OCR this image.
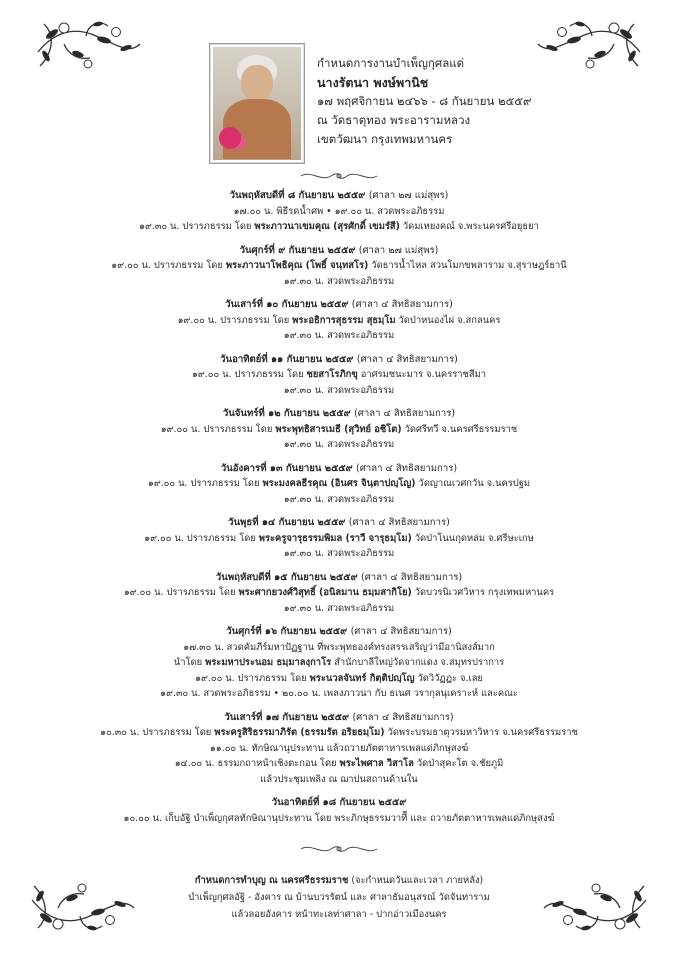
กำหนดการงานบำเพ็ญกุศลแด่
นางรัตนา พงษ์พานิช
๑๗ พฤศจิกายน ๒๔๖๖ - ๘ กันยายน ๒๕๕๙
ณ วัดธาตุทอง พระอารามหลวง
เขตวัฒนา กรุงเทพมหานคร
วันพฤหัสบดีที่ ๘ กันยายน ๒๕๕๙ (ศาลา ๒๗ แม่สุพร)
๑๗.๐๐ น. พิธีรดน้ำศพ • ๑๙.๐๐ น. สวดพระอภิธรรม
๑๙.๓๐ น. ปรารภธรรม โดย พระภาวนาเขมคุณ (สุรศักดิ์ เขมรํสี) วัดมเหยงคณ์ จ.พระนครศรีอยุธยา
วันศุกร์ที่ ๙ กันยายน ๒๕๕๙ (ศาลา ๒๗ แม่สุพร)
๑๙.๐๐ น. ปรารภธรรม โดย พระภาวนาโพธิคุณ (โพธิ์ จนฺทสโร) วัดธารน้ำไหล สวนโมกขพลาราม จ.สุราษฎร์ธานี
๑๙.๓๐ น. สวดพระอภิธรรม
วันเสาร์ที่ ๑๐ กันยายน ๒๕๕๙ (ศาลา ๔ สิทธิสยามการ)
๑๙.๐๐ น. ปรารภธรรม โดย พระอธิการสุธรรม สุธมฺโม วัดป่าหนองไผ่ จ.สกลนคร
๑๙.๓๐ น. สวดพระอภิธรรม
วันอาทิตย์ที่ ๑๑ กันยายน ๒๕๕๙ (ศาลา ๔ สิทธิสยามการ)
๑๙.๐๐ น. ปรารภธรรม โดย ชยสาโรภิกขุ อาศรมชนะมาร จ.นครราชสีมา
๑๙.๓๐ น. สวดพระอภิธรรม
วันจันทร์ที่ ๑๒ กันยายน ๒๕๕๙ (ศาลา ๔ สิทธิสยามการ)
๑๙.๐๐ น. ปรารภธรรม โดย พระพุทธิสารเมธี (สุวิทย์ อชิโต) วัดศรีทวี จ.นครศรีธรรมราช
๑๙.๓๐ น. สวดพระอภิธรรม
วันอังคารที่ ๑๓ กันยายน ๒๕๕๙ (ศาลา ๔ สิทธิสยามการ)
๑๙.๐๐ น. ปรารภธรรม โดย พระมงคลธีรคุณ (อินศร จินฺตาปญฺโญ) วัดญาณเวศกวัน จ.นครปฐม
๑๙.๓๐ น. สวดพระอภิธรรม
วันพุธที่ ๑๔ กันยายน ๒๕๕๙ (ศาลา ๔ สิทธิสยามการ)
๑๙.๐๐ น. ปรารภธรรม โดย พระครูจารุธรรมพิมล (ราวี จารุธมฺโม) วัดป่าโนนกุดหล่ม จ.ศรีษะเกษ
๑๙.๓๐ น. สวดพระอภิธรรม
วันพฤหัสบดีที่ ๑๕ กันยายน ๒๕๕๙ (ศาลา ๔ สิทธิสยามการ)
๑๙.๐๐ น. ปรารภธรรม โดย พระศากยวงศ์วิสุทธิ์ (อนิลมาน ธมฺมสากิโย) วัดบวรนิเวศวิหาร กรุงเทพมหานคร
๑๙.๓๐ น. สวดพระอภิธรรม
วันศุกร์ที่ ๑๖ กันยายน ๒๕๕๙ (ศาลา ๔ สิทธิสยามการ)
๑๗.๓๐ น. สวดคัมภีร์มหาปัฏฐาน ที่พระพุทธองค์ทรงสรรเสริญว่ามีอานิสงส์มาก
นำโดย พระมหาประนอม ธมฺมาลงฺกาโร สำนักบาลีใหญ่วัดจากแดง จ.สมุทรปราการ
๑๙.๐๐ น. ปรารภธรรม โดย พระนวลจันทร์ กิตฺติปญฺโญ วัดวิวัฏฏะ จ.เลย
๑๙.๓๐ น. สวดพระอภิธรรม • ๒๐.๐๐ น. เพลงภาวนา กับ ธเนศ วรากุลนุเคราะห์ และคณะ
วันเสาร์ที่ ๑๗ กันยายน ๒๕๕๙ (ศาลา ๔ สิทธิสยามการ)
๑๐.๓๐ น. ปรารภธรรม โดย พระครูสิริธรรมาภิรัต (ธรรมรัต อริยธมฺโม) วัดพระบรมธาตุวรมหาวิหาร จ.นครศรีธรรมราช
๑๑.๐๐ น. ทักษิณานุประทาน แล้วถวายภัตตาหารเพลแด่ภิกษุสงฆ์
๑๔.๐๐ น. ธรรมกถาหน้าเชิงตะกอน โดย พระไพศาล วิสาโล วัดป่าสุคะโต จ.ชัยภูมิ
แล้วประชุมเพลิง ณ ฌาปนสถานด้านใน
วันอาทิตย์ที่ ๑๘ กันยายน ๒๕๕๙
๑๐.๐๐ น. เก็บอัฐิ บำเพ็ญกุศลทักษิณานุประทาน โดย พระภิกษุธรรมวาทีี และ ถวายภัตตาหารเพลแด่ภิกษุสงฆ์
กำหนดการทำบุญ ณ นครศรีธรรมราช (จะกำหนดวันและเวลา ภายหลัง)
บำเพ็ญกุศลอัฐิ - อังคาร ณ บ้านบวรรัตน์ และ ศาลาธัมอนุสรณ์ วัดจันทาราม
แล้วลอยอังคาร หน้าทะเลท่าศาลา - ปากอ่าวเมืองนคร
